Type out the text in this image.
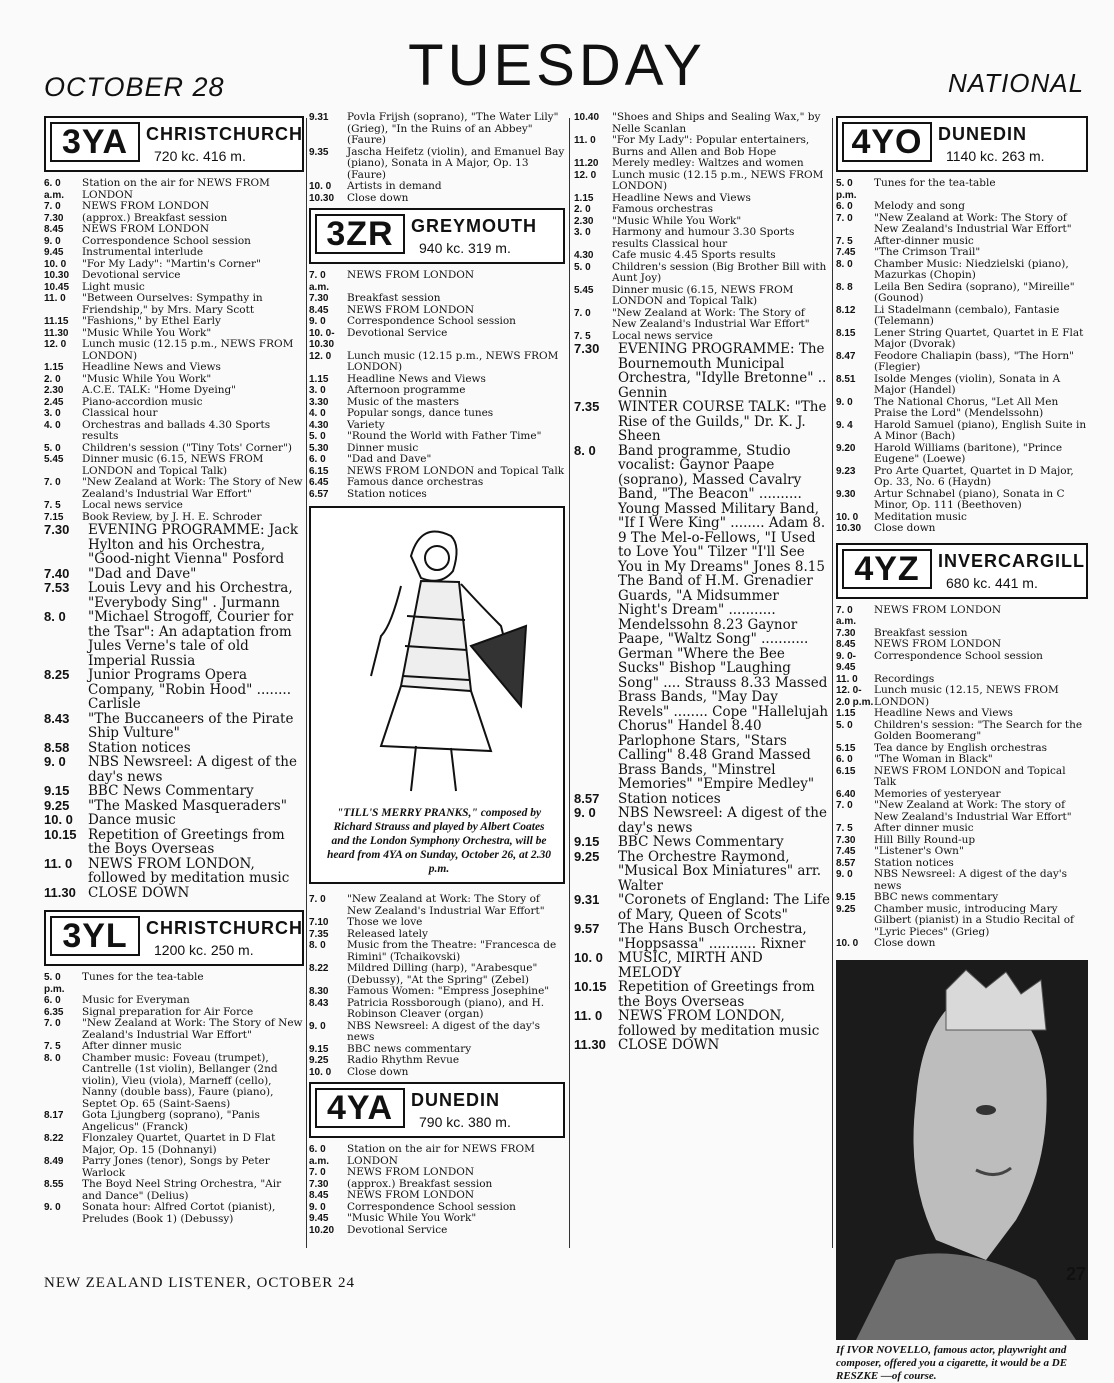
OCTOBER 28	TUESDAY	NATIONAL
3YA CHRISTCHURCH
720 kc. 416 m.
6. 0 a.m.
Station on the air for NEWS FROM LONDON
7. 0	NEWS FROM LONDON
7.30	(approx.) Breakfast session
8.45	NEWS FROM LONDON
9. 0	Correspondence School session
9.45	Instrumental interlude
10. 0	"For My Lady": "Martin's Corner"
10.30	Devotional service
10.45	Light music
11. 0	"Between Ourselves: Sympathy in Friendship," by Mrs. Mary Scott
11.15	"Fashions," by Ethel Early
11.30	"Music While You Work"
12. 0	Lunch music (12.15 p.m., NEWS FROM LONDON)
1.15	Headline News and Views
2. 0	"Music While You Work"
2.30	A.C.E. TALK: "Home Dyeing"
2.45	Piano-accordion music
3. 0	Classical hour
4. 0	Orchestras and ballads 4.30 Sports results
5. 0	Children's session ("Tiny Tots' Corner")
5.45	Dinner music (6.15, NEWS FROM LONDON and Topical Talk)
7. 0	"New Zealand at Work: The Story of New Zealand's Industrial War Effort"
7. 5	Local news service
7.15	Book Review, by J. H. E. Schroder
7.30	EVENING PROGRAMME: Jack Hylton and his Orchestra, "Good-night Vienna" Posford
7.40	"Dad and Dave"
7.53	Louis Levy and his Orchestra, "Everybody Sing" . Jurmann
8. 0	"Michael Strogoff, Courier for the Tsar": An adaptation from Jules Verne's tale of old Imperial Russia
8.25	Junior Programs Opera Company, "Robin Hood" ........ Carlisle
8.43	"The Buccaneers of the Pirate Ship Vulture"
8.58	Station notices
9. 0	NBS Newsreel: A digest of the day's news
9.15	BBC News Commentary
9.25	"The Masked Masqueraders"
10. 0	Dance music
10.15 Repetition of Greetings from the Boys Overseas
11. 0	NEWS FROM LONDON, followed by meditation music
11.30 CLOSE DOWN
3YL	CHRISTCHURCH
1200 kc. 250 m.
5. 0 p.m.
Tunes for the tea-table
6. 0	Music for Everyman
6.35	Signal preparation for Air Force
7. 0	"New Zealand at Work: The Story of New Zealand's Industrial War Effort"
7. 5	After dinner music
8. 0	Chamber music: Foveau (trumpet), Cantrelle (1st violin), Bellanger (2nd violin), Vieu (viola), Marneff (cello), Nanny (double bass), Faure (piano), Septet Op. 65 (Saint-Saens)
8.17	Gota Ljungberg (soprano), "Panis Angelicus" (Franck)
8.22	Flonzaley Quartet, Quartet in D Flat Major, Op. 15 (Dohnanyi)
8.49	Parry Jones (tenor), Songs by Peter Warlock
8.55	The Boyd Neel String Orchestra, "Air and Dance" (Delius)
9. 0	Sonata hour: Alfred Cortot (pianist), Preludes (Book 1) (Debussy)
9.31	Povla Frijsh (soprano), "The Water Lily" (Grieg), "In the Ruins of an Abbey" (Faure)
9.35	Jascha Heifetz (violin), and Emanuel Bay (piano), Sonata in A Major, Op. 13 (Faure)
10. 0	Artists in demand
10.30	Close down
3ZR GREYMOUTH
940 kc. 319 m.
7. 0 a.m.
NEWS FROM LONDON
7.30	Breakfast session
8.45	NEWS FROM LONDON
9. 0	Correspondence School session
10. 0-10.30
Devotional Service
12. 0	Lunch music (12.15 p.m., NEWS FROM LONDON)
1.15	Headline News and Views
3. 0	Afternoon programme
3.30	Music of the masters
4. 0	Popular songs, dance tunes
4.30	Variety
5. 0	"Round the World with Father Time"
5.30	Dinner music
6. 0	"Dad and Dave"
6.15	NEWS FROM LONDON and Topical Talk
6.45	Famous dance orchestras
6.57	Station notices
"TILL'S MERRY PRANKS," composed by Richard Strauss and played by Albert Coates and the London Symphony Orchestra, will be heard from 4YA on Sunday, October 26, at 2.30 p.m.
7. 0	"New Zealand at Work: The Story of New Zealand's Industrial War Effort"
7.10	Those we love
7.35	Released lately
8. 0	Music from the Theatre: "Francesca de Rimini" (Tchaikovski)
8.22	Mildred Dilling (harp), "Arabesque" (Debussy), "At the Spring" (Zebel)
8.30	Famous Women: "Empress Josephine"
8.43	Patricia Rossborough (piano), and H. Robinson Cleaver (organ)
9. 0	NBS Newsreel: A digest of the day's news
9.15	BBC news commentary
9.25	Radio Rhythm Revue
10. 0	Close down
4YA DUNEDIN
790 kc. 380 m.
6. 0 a.m.
Station on the air for NEWS FROM LONDON
7. 0	NEWS FROM LONDON
7.30	(approx.) Breakfast session
8.45	NEWS FROM LONDON
9. 0	Correspondence School session
9.45	"Music While You Work"
10.20	Devotional Service
10.40	"Shoes and Ships and Sealing Wax," by Nelle Scanlan
11. 0	"For My Lady": Popular entertainers, Burns and Allen and Bob Hope
11.20	Merely medley: Waltzes and women
12. 0	Lunch music (12.15 p.m., NEWS FROM LONDON)
1.15	Headline News and Views
2. 0	Famous orchestras
2.30	"Music While You Work"
3. 0	Harmony and humour 3.30 Sports results Classical hour
4.30	Cafe music 4.45 Sports results
5. 0	Children's session (Big Brother Bill with Aunt Joy)
5.45	Dinner music (6.15, NEWS FROM LONDON and Topical Talk)
7. 0	"New Zealand at Work: The Story of New Zealand's Industrial War Effort"
7. 5	Local news service
7.30	EVENING PROGRAMME: The Bournemouth Municipal Orchestra, "Idylle Bretonne" .. Gennin
7.35	WINTER COURSE TALK: "The Rise of the Guilds," Dr. K. J. Sheen
8. 0	Band programme, Studio vocalist: Gaynor Paape (soprano), Massed Cavalry Band, "The Beacon" .......... Young Massed Military Band, "If I Were King" ........ Adam 8. 9 The Mel-o-Fellows, "I Used to Love You" Tilzer "I'll See You in My Dreams" Jones 8.15 The Band of H.M. Grenadier Guards, "A Midsummer Night's Dream" ........... Mendelssohn 8.23 Gaynor Paape, "Waltz Song" ........... German "Where the Bee Sucks" Bishop "Laughing Song" .... Strauss 8.33 Massed Brass Bands, "May Day Revels" ........ Cope "Hallelujah Chorus" Handel 8.40 Parlophone Stars, "Stars Calling" 8.48 Grand Massed Brass Bands, "Minstrel Memories" "Empire Medley"
8.57	Station notices
9. 0	NBS Newsreel: A digest of the day's news
9.15	BBC News Commentary
9.25	The Orchestre Raymond, "Musical Box Miniatures" arr. Walter
9.31	"Coronets of England: The Life of Mary, Queen of Scots"
9.57	The Hans Busch Orchestra, "Hoppsassa" ........... Rixner
10. 0	MUSIC, MIRTH AND MELODY
10.15 Repetition of Greetings from the Boys Overseas
11. 0	NEWS FROM LONDON, followed by meditation music
11.30 CLOSE DOWN
4YO DUNEDIN
1140 kc. 263 m.
5. 0 p.m.
Tunes for the tea-table
6. 0	Melody and song
7. 0	"New Zealand at Work: The Story of New Zealand's Industrial War Effort"
7. 5	After-dinner music
7.45	"The Crimson Trail"
8. 0	Chamber Music: Niedzielski (piano), Mazurkas (Chopin)
8. 8	Leila Ben Sedira (soprano), "Mireille" (Gounod)
8.12	Li Stadelmann (cembalo), Fantasie (Telemann)
8.15	Lener String Quartet, Quartet in E Flat Major (Dvorak)
8.47	Feodore Chaliapin (bass), "The Horn" (Flegier)
8.51	Isolde Menges (violin), Sonata in A Major (Handel)
9. 0	The National Chorus, "Let All Men Praise the Lord" (Mendelssohn)
9. 4	Harold Samuel (piano), English Suite in A Minor (Bach)
9.20	Harold Williams (baritone), "Prince Eugene" (Loewe)
9.23	Pro Arte Quartet, Quartet in D Major, Op. 33, No. 6 (Haydn)
9.30	Artur Schnabel (piano), Sonata in C Minor, Op. 111 (Beethoven)
10. 0	Meditation music
10.30	Close down
4YZ	INVERCARGILL
680 kc. 441 m.
7. 0 a.m.
NEWS FROM LONDON
7.30	Breakfast session
8.45	NEWS FROM LONDON
9. 0-9.45
Correspondence School session
11. 0	Recordings
12. 0-2.0 p.m.
Lunch music (12.15, NEWS FROM LONDON)
1.15	Headline News and Views
5. 0	Children's session: "The Search for the Golden Boomerang"
5.15	Tea dance by English orchestras
6. 0	"The Woman in Black"
6.15	NEWS FROM LONDON and Topical Talk
6.40	Memories of yesteryear
7. 0	"New Zealand at Work: The story of New Zealand's Industrial War Effort"
7. 5	After dinner music
7.30	Hill Billy Round-up
7.45	"Listener's Own"
8.57	Station notices
9. 0	NBS Newsreel: A digest of the day's news
9.15	BBC news commentary
9.25	Chamber music, introducing Mary Gilbert (pianist) in a Studio Recital of "Lyric Pieces" (Grieg)
10. 0	Close down
If IVOR NOVELLO, famous actor, playwright and composer, offered you a cigarette, it would be a DE RESZKE —of course.
NEW ZEALAND LISTENER, OCTOBER 24	27
